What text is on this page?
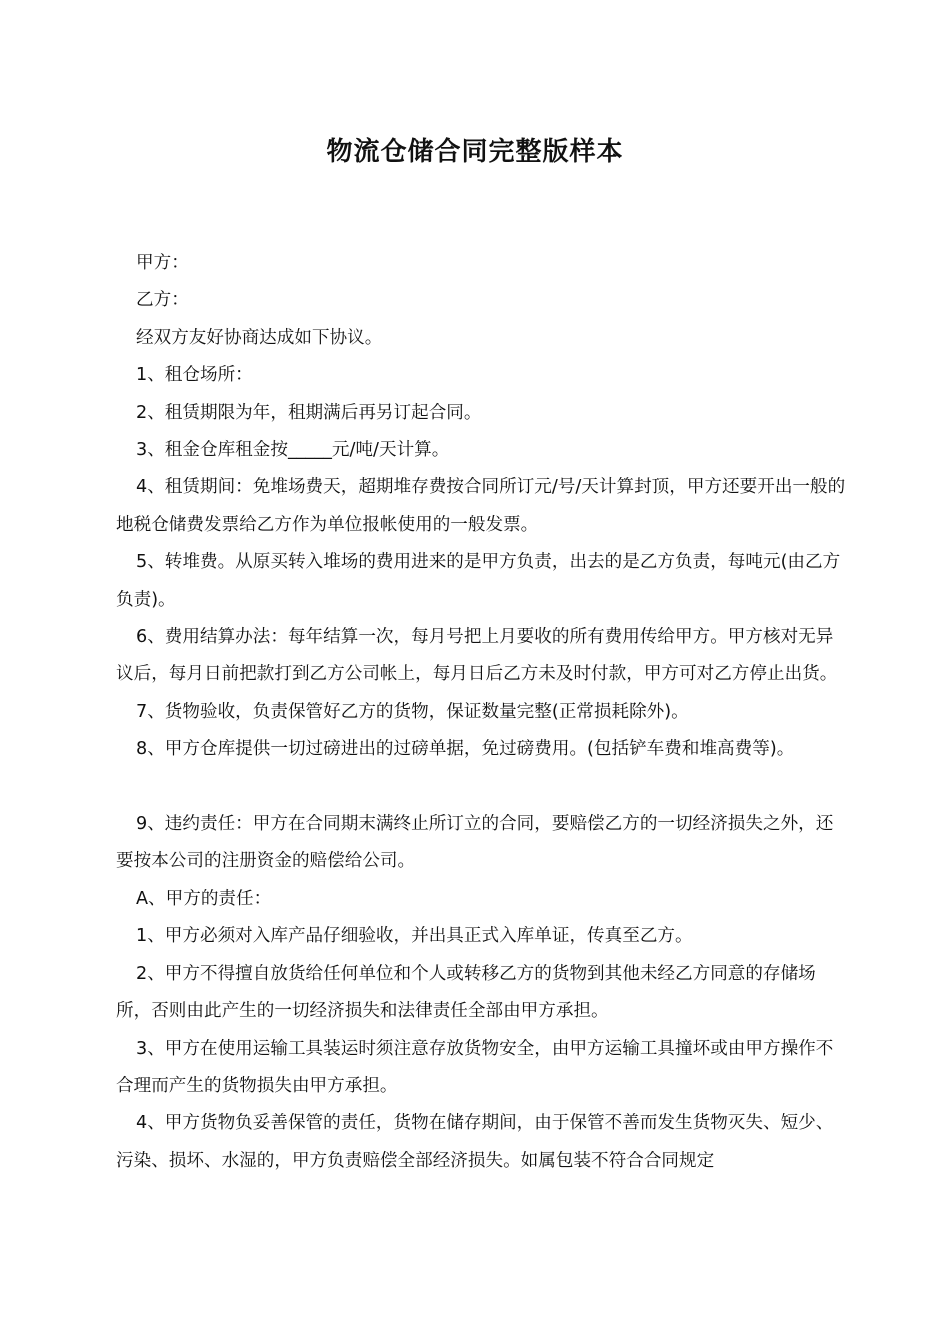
物流仓储合同完整版样本

甲方：

乙方：

经双方友好协商达成如下协议。

1、租仓场所：

2、租赁期限为年，租期满后再另订起合同。

3、租金仓库租金按_____元/吨/天计算。

4、租赁期间：免堆场费天，超期堆存费按合同所订元/号/天计算封顶，甲方还要开出一般的地税仓储费发票给乙方作为单位报帐使用的一般发票。

5、转堆费。从原买转入堆场的费用进来的是甲方负责，出去的是乙方负责，每吨元(由乙方负责)。

6、费用结算办法：每年结算一次，每月号把上月要收的所有费用传给甲方。甲方核对无异议后，每月日前把款打到乙方公司帐上，每月日后乙方未及时付款，甲方可对乙方停止出货。

7、货物验收，负责保管好乙方的货物，保证数量完整(正常损耗除外)。

8、甲方仓库提供一切过磅进出的过磅单据，免过磅费用。(包括铲车费和堆高费等)。

9、违约责任：甲方在合同期末满终止所订立的合同，要赔偿乙方的一切经济损失之外，还要按本公司的注册资金的赔偿给公司。

A、甲方的责任：

1、甲方必须对入库产品仔细验收，并出具正式入库单证，传真至乙方。

2、甲方不得擅自放货给任何单位和个人或转移乙方的货物到其他未经乙方同意的存储场所，否则由此产生的一切经济损失和法律责任全部由甲方承担。

3、甲方在使用运输工具装运时须注意存放货物安全，由甲方运输工具撞坏或由甲方操作不合理而产生的货物损失由甲方承担。

4、甲方货物负妥善保管的责任，货物在储存期间，由于保管不善而发生货物灭失、短少、污染、损坏、水湿的，甲方负责赔偿全部经济损失。如属包装不符合合同规定
